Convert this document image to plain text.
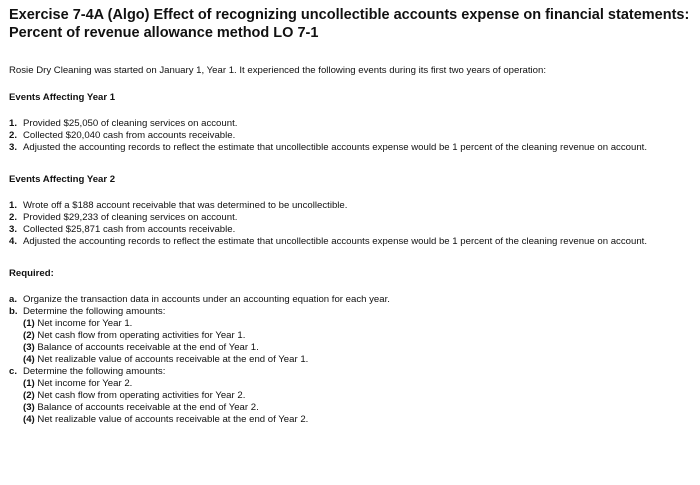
Exercise 7-4A (Algo) Effect of recognizing uncollectible accounts expense on financial statements:
Percent of revenue allowance method LO 7-1

Rosie Dry Cleaning was started on January 1, Year 1. It experienced the following events during its first two years of operation:

Events Affecting Year 1

1. Provided $25,050 of cleaning services on account.
2. Collected $20,040 cash from accounts receivable.
3. Adjusted the accounting records to reflect the estimate that uncollectible accounts expense would be 1 percent of the cleaning revenue on account.

Events Affecting Year 2

1. Wrote off a $188 account receivable that was determined to be uncollectible.
2. Provided $29,233 of cleaning services on account.
3. Collected $25,871 cash from accounts receivable.
4. Adjusted the accounting records to reflect the estimate that uncollectible accounts expense would be 1 percent of the cleaning revenue on account.

Required:

a. Organize the transaction data in accounts under an accounting equation for each year.
b. Determine the following amounts:
(1) Net income for Year 1.
(2) Net cash flow from operating activities for Year 1.
(3) Balance of accounts receivable at the end of Year 1.
(4) Net realizable value of accounts receivable at the end of Year 1.
c. Determine the following amounts:
(1) Net income for Year 2.
(2) Net cash flow from operating activities for Year 2.
(3) Balance of accounts receivable at the end of Year 2.
(4) Net realizable value of accounts receivable at the end of Year 2.
